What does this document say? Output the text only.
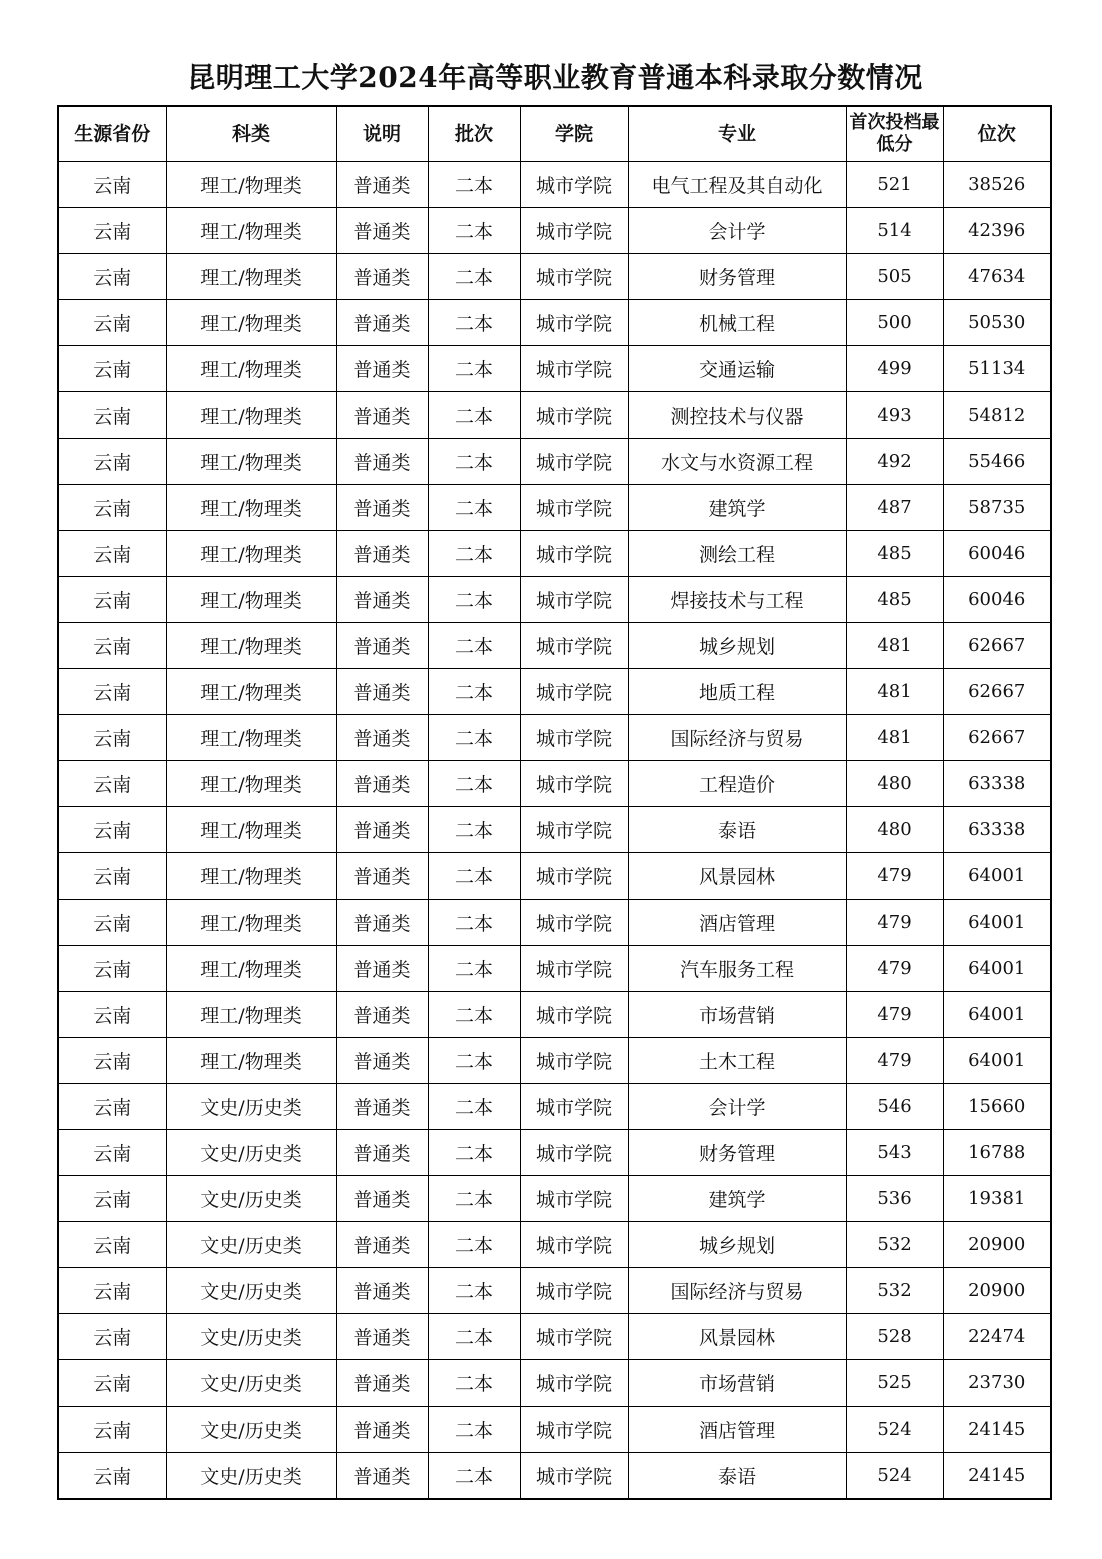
昆明理工大学2024年高等职业教育普通本科录取分数情况
生源省份	科类	说明	批次	学院	专业	首次投档最低分	位次
云南	理工/物理类	普通类	二本	城市学院	电气工程及其自动化	521	38526
云南	理工/物理类	普通类	二本	城市学院	会计学	514	42396
云南	理工/物理类	普通类	二本	城市学院	财务管理	505	47634
云南	理工/物理类	普通类	二本	城市学院	机械工程	500	50530
云南	理工/物理类	普通类	二本	城市学院	交通运输	499	51134
云南	理工/物理类	普通类	二本	城市学院	测控技术与仪器	493	54812
云南	理工/物理类	普通类	二本	城市学院	水文与水资源工程	492	55466
云南	理工/物理类	普通类	二本	城市学院	建筑学	487	58735
云南	理工/物理类	普通类	二本	城市学院	测绘工程	485	60046
云南	理工/物理类	普通类	二本	城市学院	焊接技术与工程	485	60046
云南	理工/物理类	普通类	二本	城市学院	城乡规划	481	62667
云南	理工/物理类	普通类	二本	城市学院	地质工程	481	62667
云南	理工/物理类	普通类	二本	城市学院	国际经济与贸易	481	62667
云南	理工/物理类	普通类	二本	城市学院	工程造价	480	63338
云南	理工/物理类	普通类	二本	城市学院	泰语	480	63338
云南	理工/物理类	普通类	二本	城市学院	风景园林	479	64001
云南	理工/物理类	普通类	二本	城市学院	酒店管理	479	64001
云南	理工/物理类	普通类	二本	城市学院	汽车服务工程	479	64001
云南	理工/物理类	普通类	二本	城市学院	市场营销	479	64001
云南	理工/物理类	普通类	二本	城市学院	土木工程	479	64001
云南	文史/历史类	普通类	二本	城市学院	会计学	546	15660
云南	文史/历史类	普通类	二本	城市学院	财务管理	543	16788
云南	文史/历史类	普通类	二本	城市学院	建筑学	536	19381
云南	文史/历史类	普通类	二本	城市学院	城乡规划	532	20900
云南	文史/历史类	普通类	二本	城市学院	国际经济与贸易	532	20900
云南	文史/历史类	普通类	二本	城市学院	风景园林	528	22474
云南	文史/历史类	普通类	二本	城市学院	市场营销	525	23730
云南	文史/历史类	普通类	二本	城市学院	酒店管理	524	24145
云南	文史/历史类	普通类	二本	城市学院	泰语	524	24145
